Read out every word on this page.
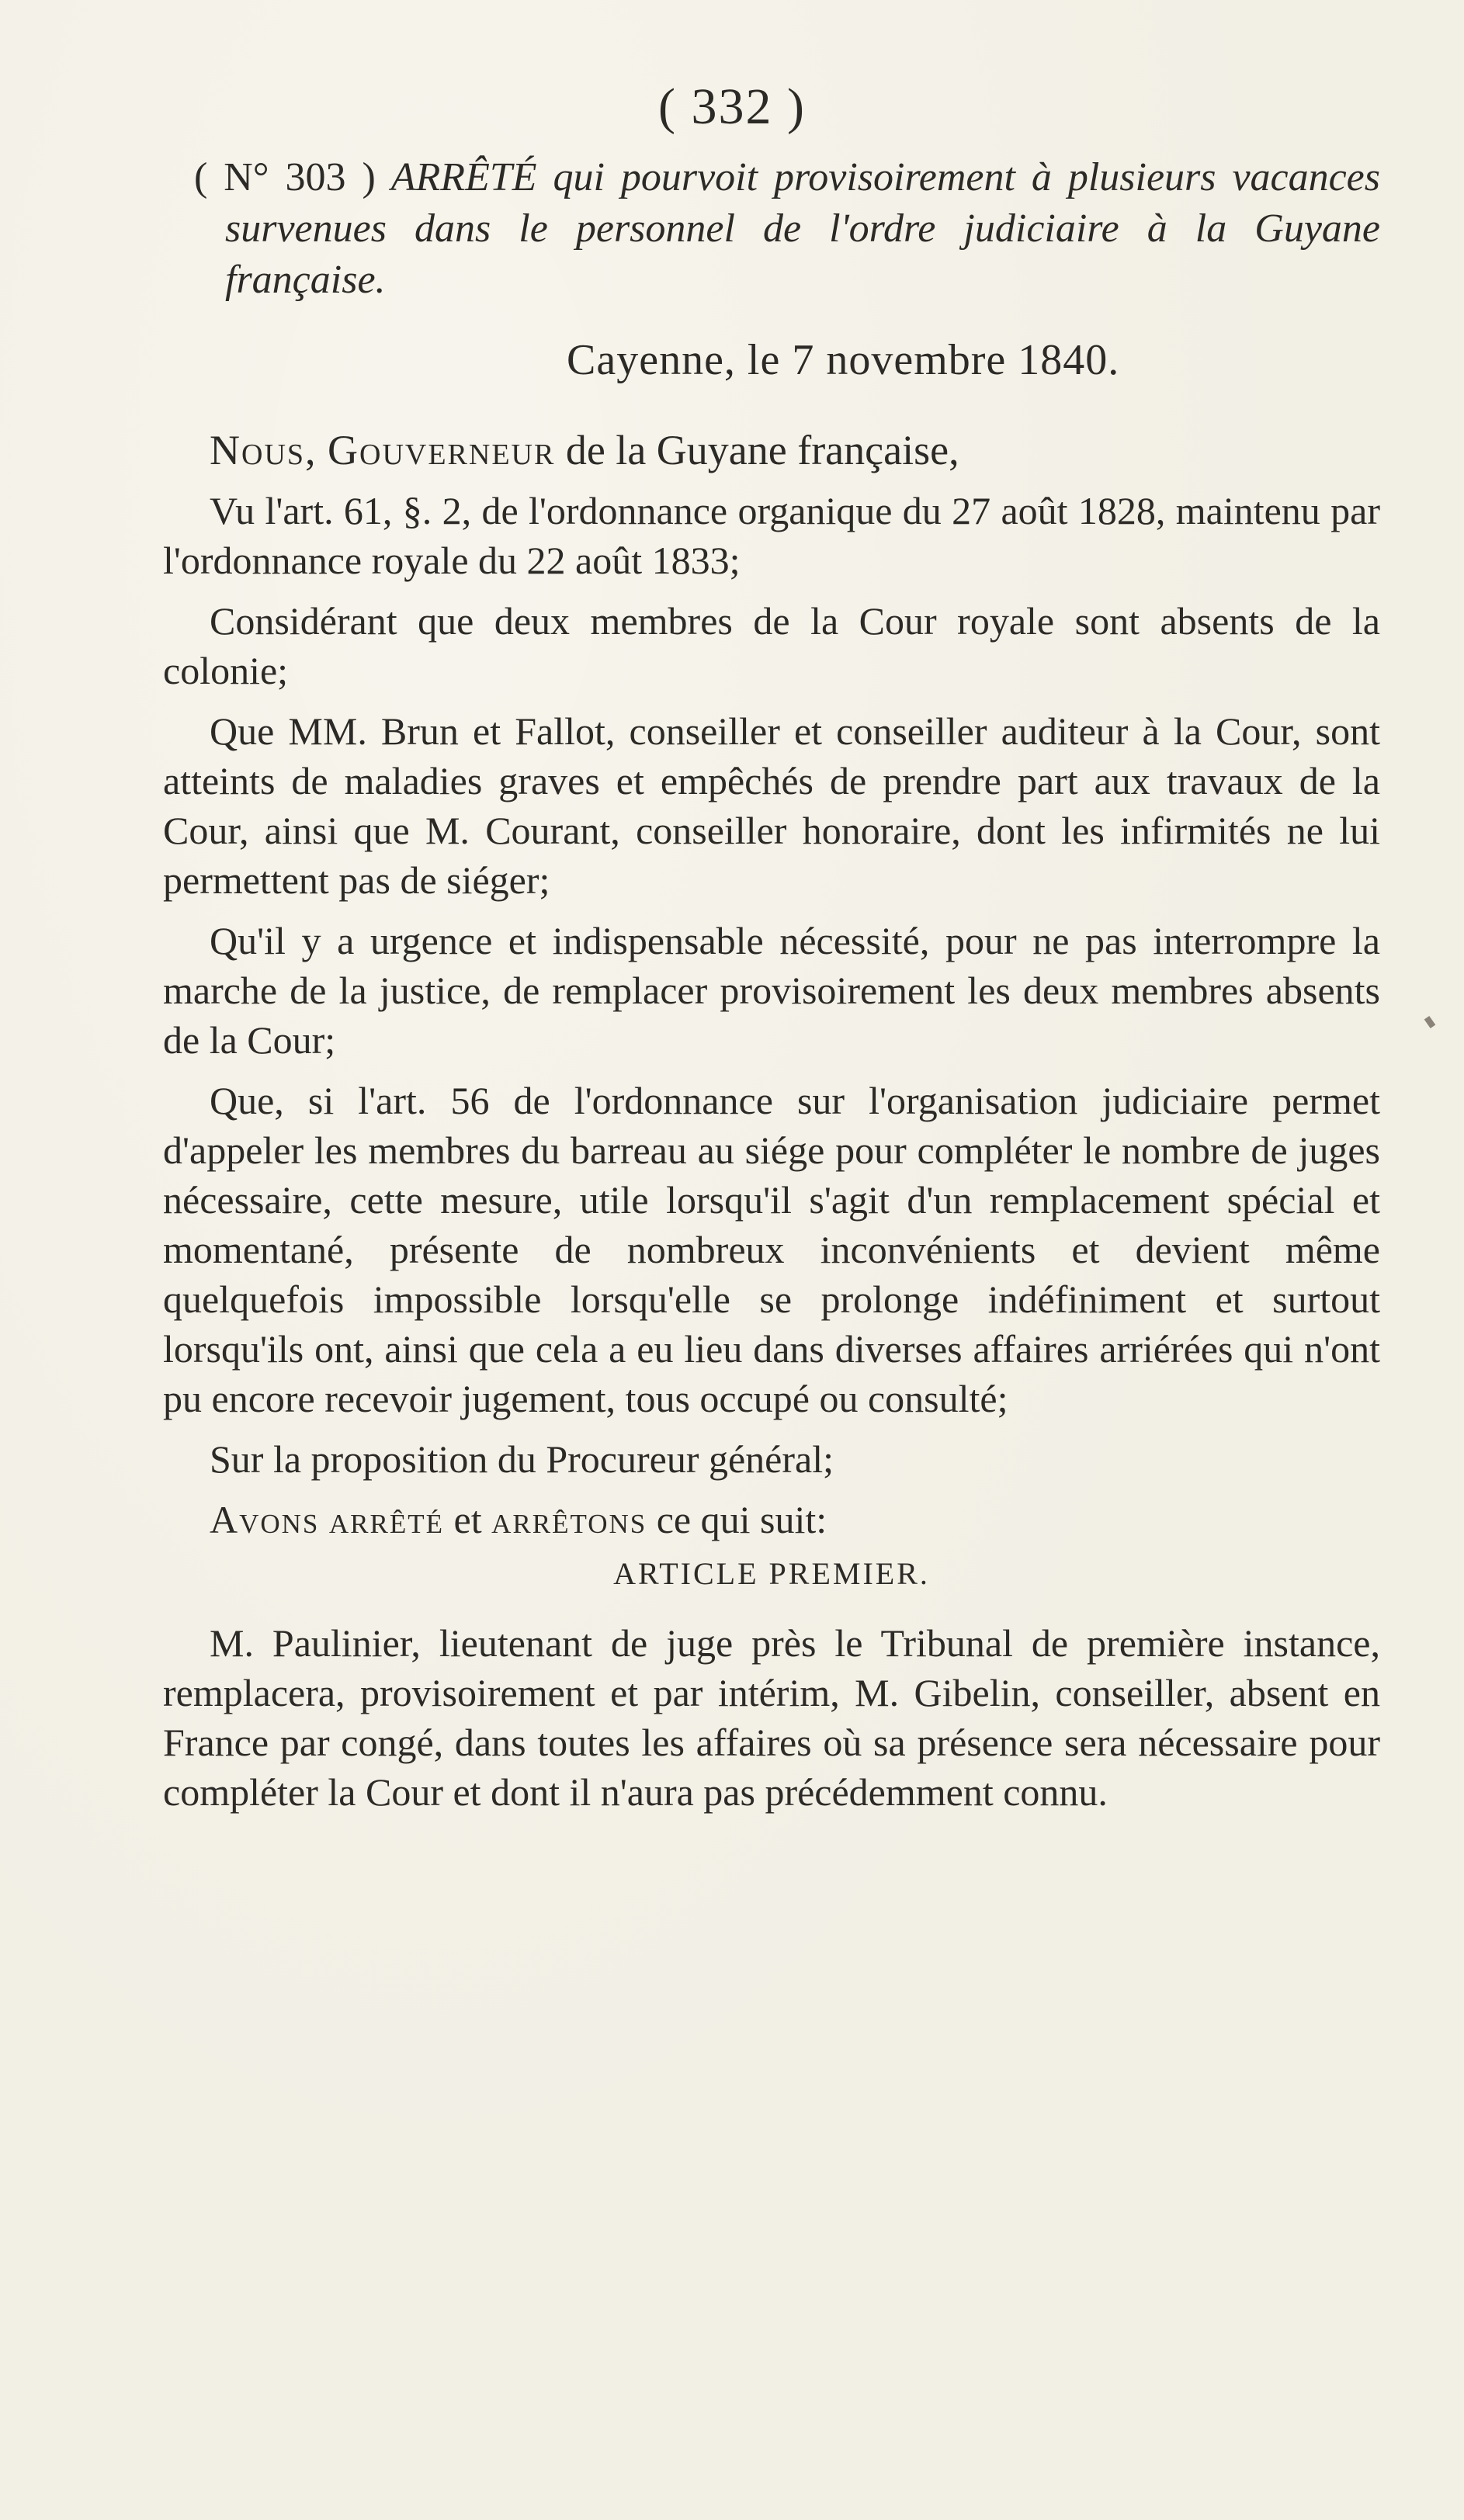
( 332 )
( N° 303 ) ARRÊTÉ qui pourvoit provisoirement à plusieurs vacances survenues dans le personnel de l'ordre judiciaire à la Guyane française.
Cayenne, le 7 novembre 1840.

Nous, Gouverneur de la Guyane française,

Vu l'art. 61, §. 2, de l'ordonnance organique du 27 août 1828, maintenu par l'ordonnance royale du 22 août 1833;

Considérant que deux membres de la Cour royale sont absents de la colonie;

Que MM. Brun et Fallot, conseiller et conseiller auditeur à la Cour, sont atteints de maladies graves et empêchés de prendre part aux travaux de la Cour, ainsi que M. Courant, conseiller honoraire, dont les infirmités ne lui permettent pas de siéger;

Qu'il y a urgence et indispensable nécessité, pour ne pas interrompre la marche de la justice, de remplacer provisoirement les deux membres absents de la Cour;

Que, si l'art. 56 de l'ordonnance sur l'organisation judiciaire permet d'appeler les membres du barreau au siége pour compléter le nombre de juges nécessaire, cette mesure, utile lorsqu'il s'agit d'un remplacement spécial et momentané, présente de nombreux inconvénients et devient même quelquefois impossible lorsqu'elle se prolonge indéfiniment et surtout lorsqu'ils ont, ainsi que cela a eu lieu dans diverses affaires arriérées qui n'ont pu encore recevoir jugement, tous occupé ou consulté;

Sur la proposition du Procureur général;

Avons arrêté et arrêtons ce qui suit:

ARTICLE PREMIER.

M. Paulinier, lieutenant de juge près le Tribunal de première instance, remplacera, provisoirement et par intérim, M. Gibelin, conseiller, absent en France par congé, dans toutes les affaires où sa présence sera nécessaire pour compléter la Cour et dont il n'aura pas précédemment connu.
